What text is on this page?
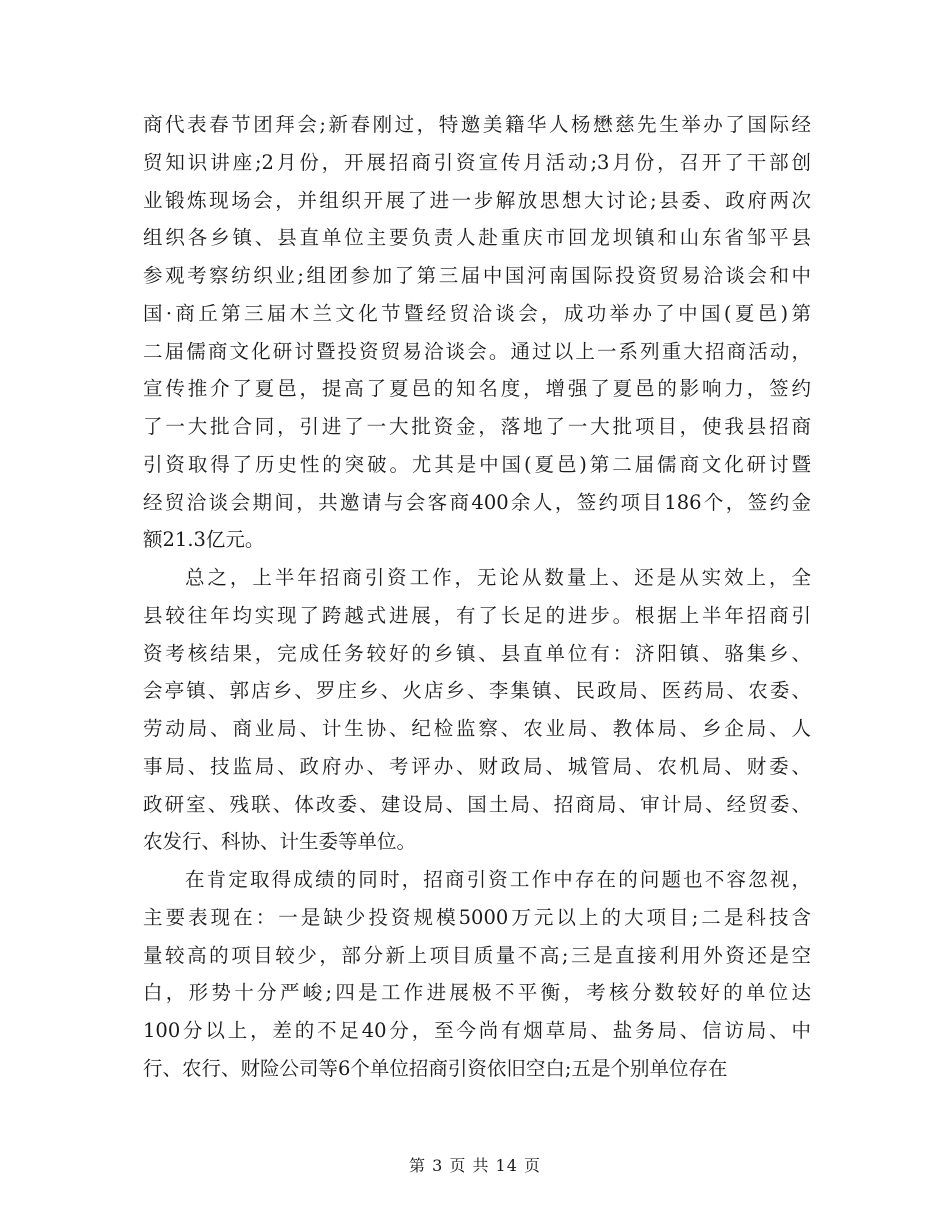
商代表春节团拜会;新春刚过，特邀美籍华人杨懋慈先生举办了国际经
贸知识讲座;2月份，开展招商引资宣传月活动;3月份，召开了干部创
业锻炼现场会，并组织开展了进一步解放思想大讨论;县委、政府两次
组织各乡镇、县直单位主要负责人赴重庆市回龙坝镇和山东省邹平县
参观考察纺织业;组团参加了第三届中国河南国际投资贸易洽谈会和中
国·商丘第三届木兰文化节暨经贸洽谈会，成功举办了中国(夏邑)第
二届儒商文化研讨暨投资贸易洽谈会。通过以上一系列重大招商活动，
宣传推介了夏邑，提高了夏邑的知名度，增强了夏邑的影响力，签约
了一大批合同，引进了一大批资金，落地了一大批项目，使我县招商
引资取得了历史性的突破。尤其是中国(夏邑)第二届儒商文化研讨暨
经贸洽谈会期间，共邀请与会客商400余人，签约项目186个，签约金
额21.3亿元。
总之，上半年招商引资工作，无论从数量上、还是从实效上，全
县较往年均实现了跨越式进展，有了长足的进步。根据上半年招商引
资考核结果，完成任务较好的乡镇、县直单位有：济阳镇、骆集乡、
会亭镇、郭店乡、罗庄乡、火店乡、李集镇、民政局、医药局、农委、
劳动局、商业局、计生协、纪检监察、农业局、教体局、乡企局、人
事局、技监局、政府办、考评办、财政局、城管局、农机局、财委、
政研室、残联、体改委、建设局、国土局、招商局、审计局、经贸委、
农发行、科协、计生委等单位。
在肯定取得成绩的同时，招商引资工作中存在的问题也不容忽视，
主要表现在：一是缺少投资规模5000万元以上的大项目;二是科技含
量较高的项目较少，部分新上项目质量不高;三是直接利用外资还是空
白，形势十分严峻;四是工作进展极不平衡，考核分数较好的单位达
100分以上，差的不足40分，至今尚有烟草局、盐务局、信访局、中
行、农行、财险公司等6个单位招商引资依旧空白;五是个别单位存在
第 3 页 共 14 页
